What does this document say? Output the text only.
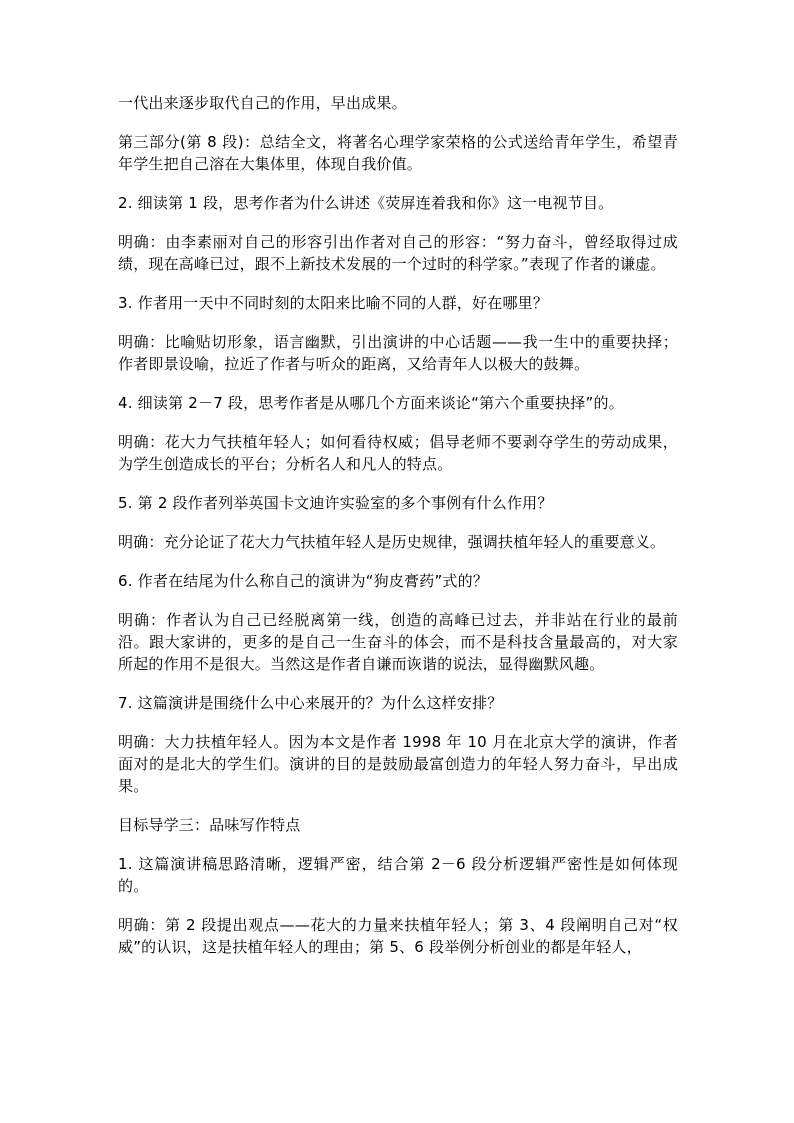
一代出来逐步取代自己的作用，早出成果。

第三部分(第 8 段)：总结全文，将著名心理学家荣格的公式送给青年学生，希望青年学生把自己溶在大集体里，体现自我价值。

2. 细读第 1 段，思考作者为什么讲述《荧屏连着我和你》这一电视节目。

明确：由李素丽对自己的形容引出作者对自己的形容：“努力奋斗，曾经取得过成绩，现在高峰已过，跟不上新技术发展的一个过时的科学家。”表现了作者的谦虚。

3. 作者用一天中不同时刻的太阳来比喻不同的人群，好在哪里？

明确：比喻贴切形象，语言幽默，引出演讲的中心话题——我一生中的重要抉择；作者即景设喻，拉近了作者与听众的距离，又给青年人以极大的鼓舞。

4. 细读第 2－7 段，思考作者是从哪几个方面来谈论“第六个重要抉择”的。

明确：花大力气扶植年轻人；如何看待权威；倡导老师不要剥夺学生的劳动成果，为学生创造成长的平台；分析名人和凡人的特点。

5. 第 2 段作者列举英国卡文迪许实验室的多个事例有什么作用？

明确：充分论证了花大力气扶植年轻人是历史规律，强调扶植年轻人的重要意义。

6. 作者在结尾为什么称自己的演讲为“狗皮膏药”式的？

明确：作者认为自己已经脱离第一线，创造的高峰已过去，并非站在行业的最前沿。跟大家讲的，更多的是自己一生奋斗的体会，而不是科技含量最高的，对大家所起的作用不是很大。当然这是作者自谦而诙谐的说法，显得幽默风趣。

7. 这篇演讲是围绕什么中心来展开的？为什么这样安排？

明确：大力扶植年轻人。因为本文是作者 1998 年 10 月在北京大学的演讲，作者面对的是北大的学生们。演讲的目的是鼓励最富创造力的年轻人努力奋斗，早出成果。

目标导学三：品味写作特点

1. 这篇演讲稿思路清晰，逻辑严密，结合第 2－6 段分析逻辑严密性是如何体现的。

明确：第 2 段提出观点——花大的力量来扶植年轻人；第 3、4 段阐明自己对“权威”的认识，这是扶植年轻人的理由；第 5、6 段举例分析创业的都是年轻人，
